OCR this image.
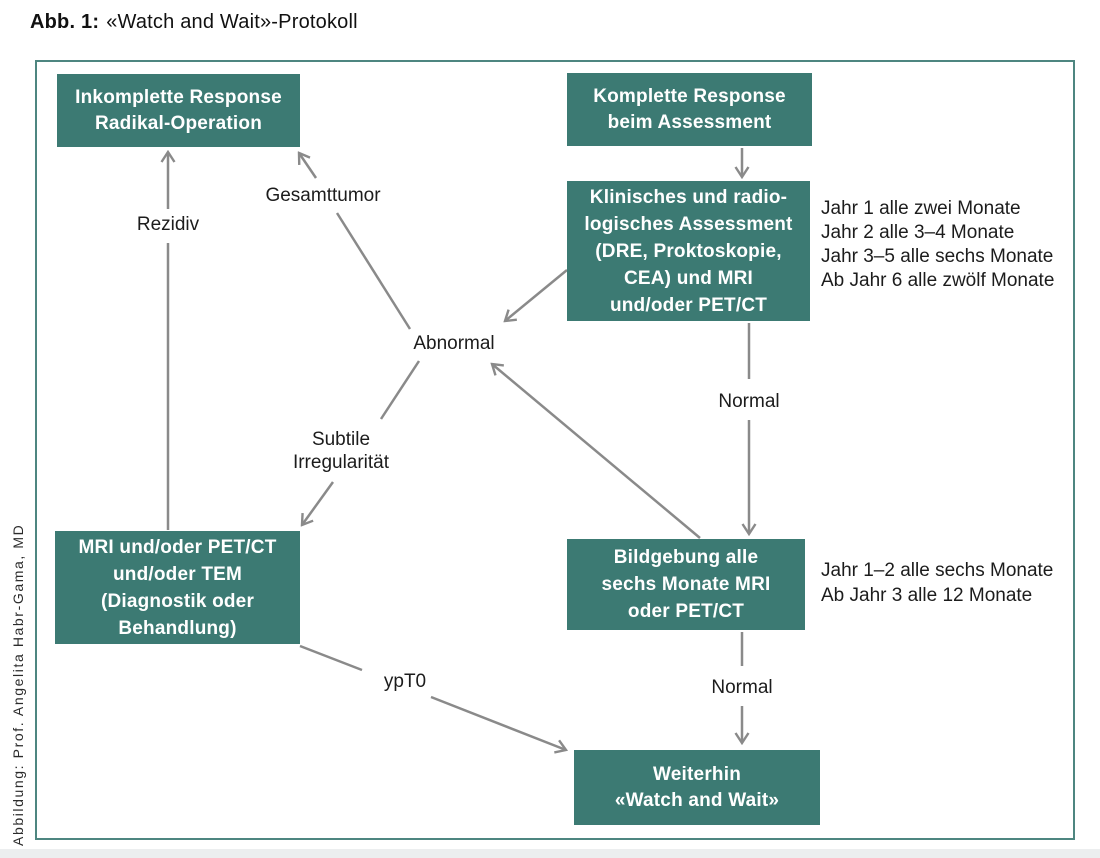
Abb. 1: «Watch and Wait»-Protokoll
Inkomplette Response
Radikal-Operation
Komplette Response
beim Assessment
Klinisches und radio-
logisches Assessment
(DRE, Proktoskopie,
CEA) und MRI
und/oder PET/CT
MRI und/oder PET/CT
und/oder TEM
(Diagnostik oder
Behandlung)
Bildgebung alle
sechs Monate MRI
oder PET/CT
Weiterhin
«Watch and Wait»
Rezidiv
Gesamttumor
Abnormal
Subtile
Irregularität
Normal
Normal
ypT0
Jahr 1 alle zwei Monate
Jahr 2 alle 3–4 Monate
Jahr 3–5 alle sechs Monate
Ab Jahr 6 alle zwölf Monate
Jahr 1–2 alle sechs Monate
Ab Jahr 3 alle 12 Monate
Abbildung: Prof. Angelita Habr-Gama, MD
